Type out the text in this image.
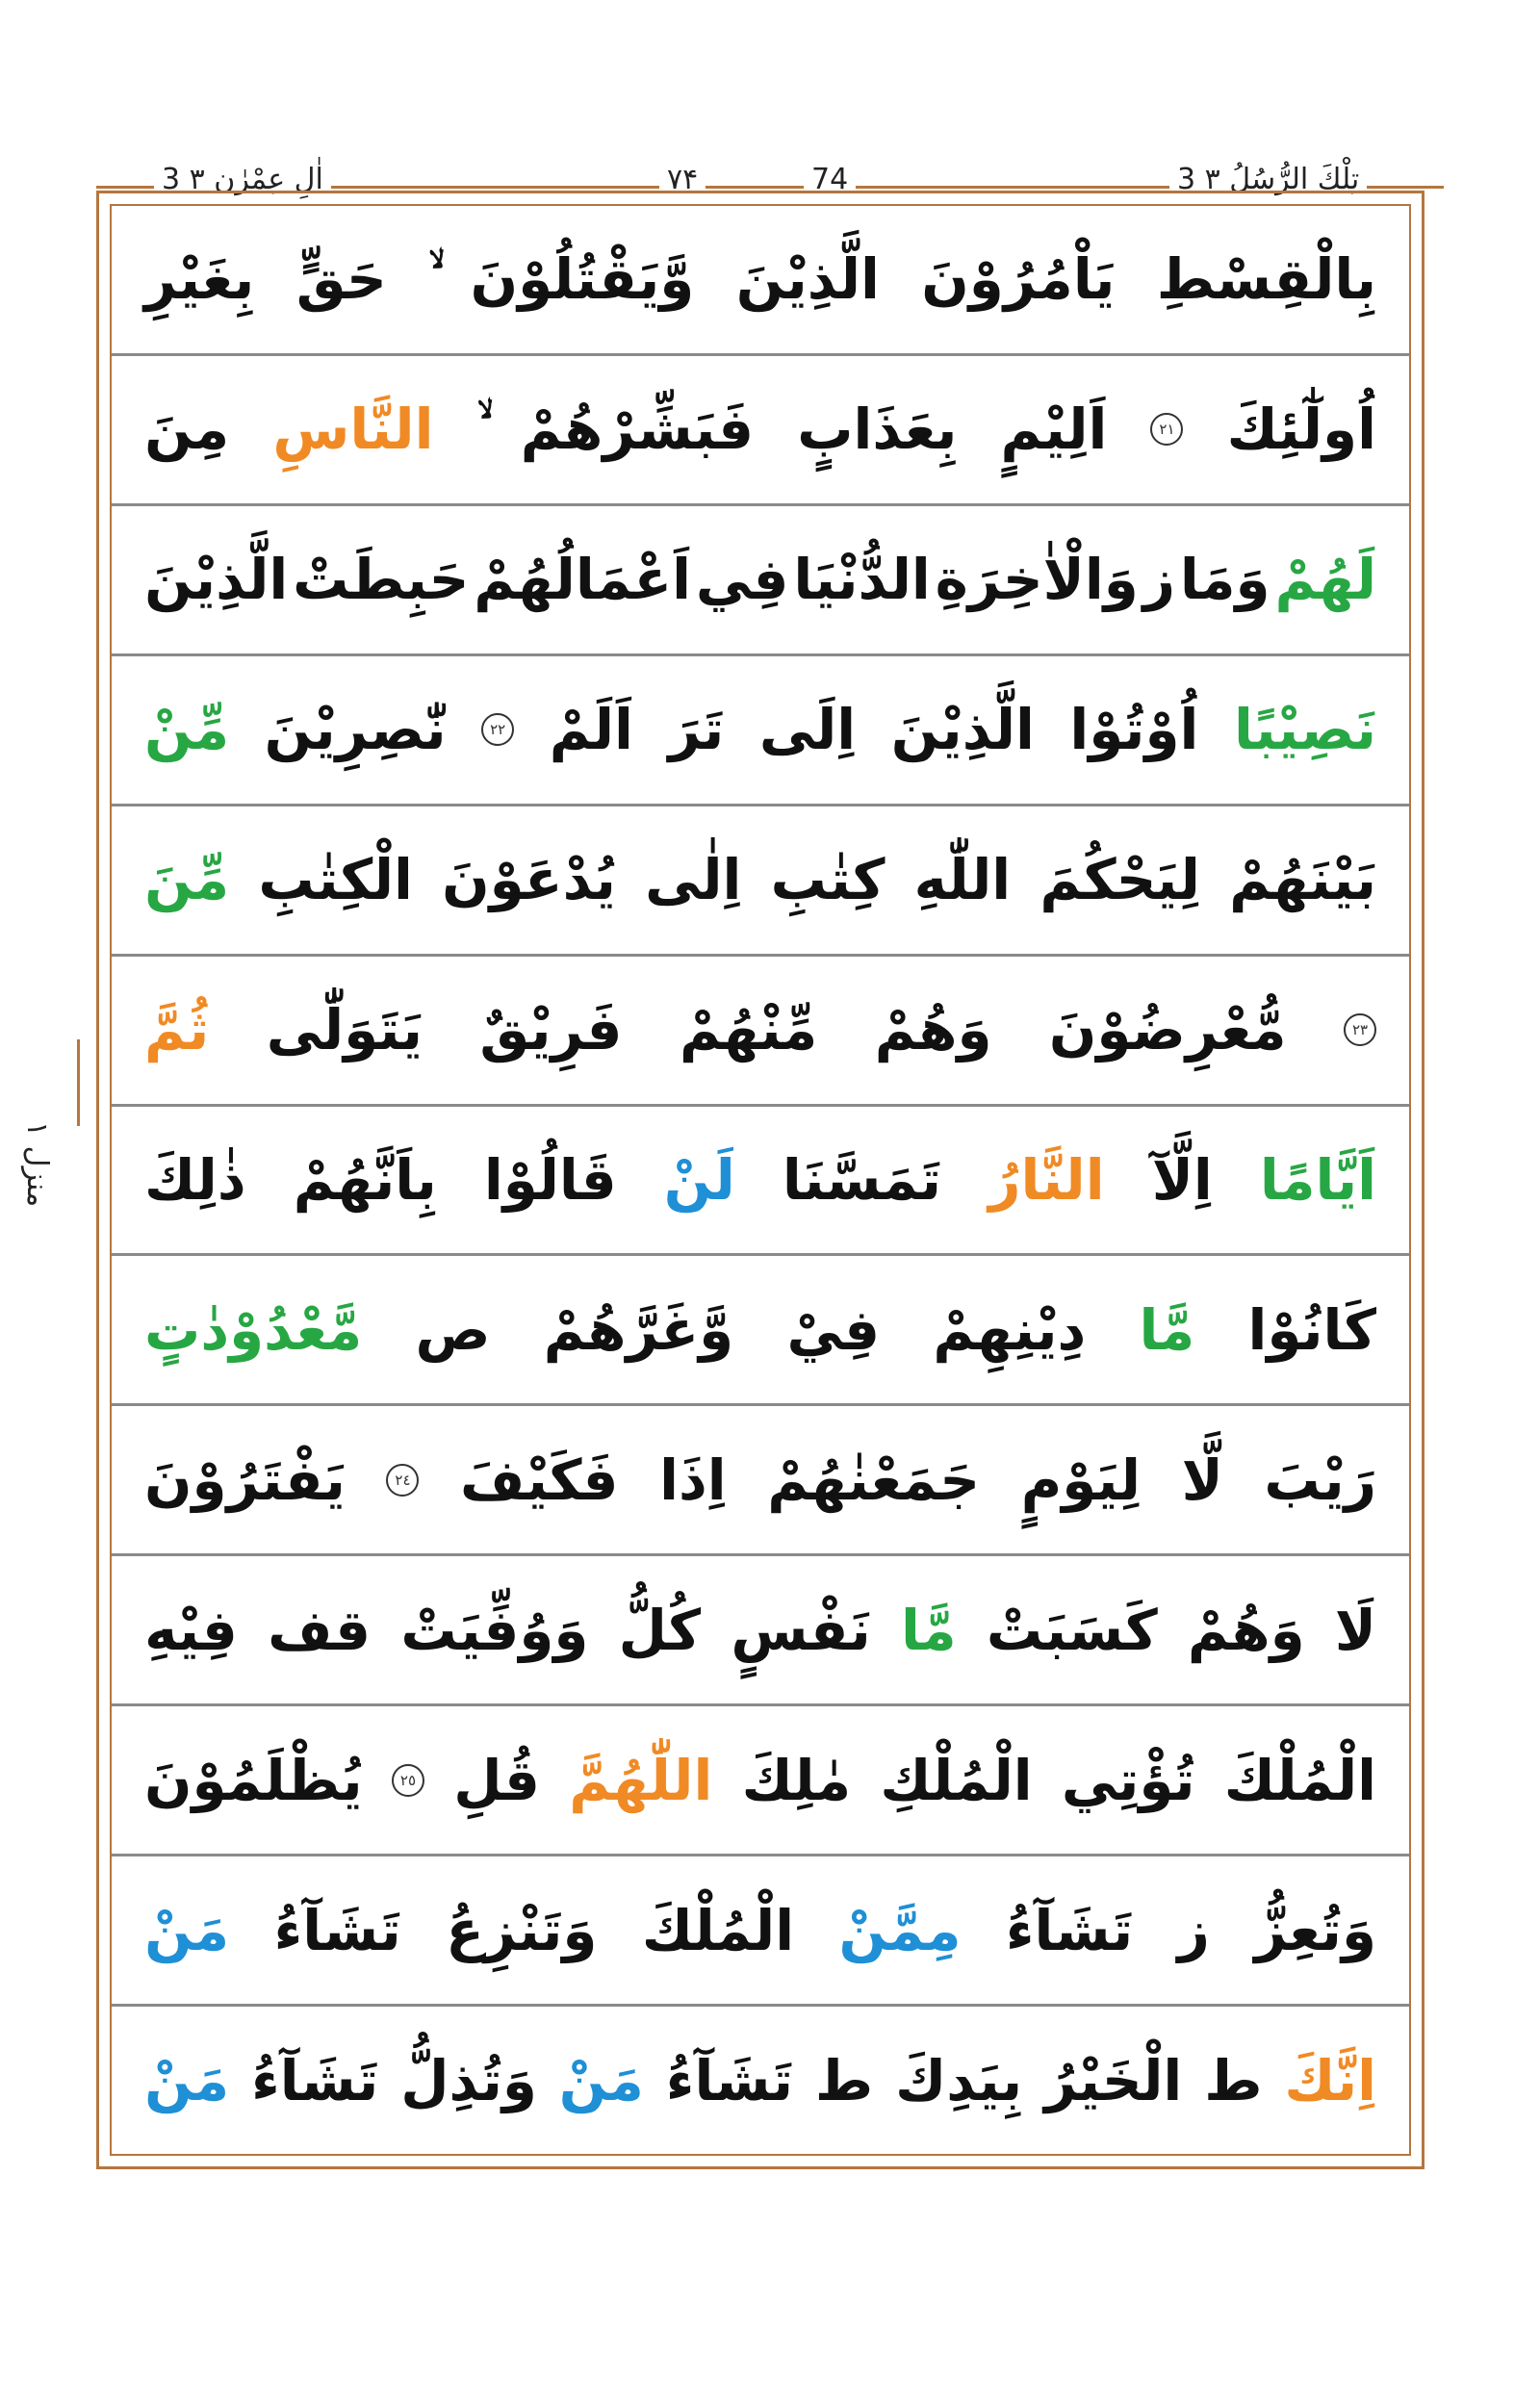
3 اٰلِ عِمْرٰن ۳	۷۴	74	3 تِلْكَ الرُّسُلُ ۳
منزل ١
بِغَيْرِ حَقٍّ وَّيَقْتُلُوْنَ الَّذِيْنَ يَاْمُرُوْنَ بِالْقِسْطِ
مِنَ النَّاسِ فَبَشِّرْهُمْ بِعَذَابٍ اَلِيْمٍ	٢١ اُولٰٓئِكَ
الَّذِيْنَ حَبِطَتْ اَعْمَالُهُمْ فِي الدُّنْيَا وَالْاٰخِرَةِ ز وَمَا لَهُمْ
مِّنْ نّٰصِرِيْنَ	٢٢ اَلَمْ تَرَ اِلَى الَّذِيْنَ اُوْتُوْا نَصِيْبًا
مِّنَ الْكِتٰبِ يُدْعَوْنَ اِلٰى كِتٰبِ اللّٰهِ لِيَحْكُمَ بَيْنَهُمْ
ثُمَّ يَتَوَلّٰى فَرِيْقٌ مِّنْهُمْ وَهُمْ مُّعْرِضُوْنَ	٢٣
ذٰلِكَ بِاَنَّهُمْ قَالُوْا لَنْ تَمَسَّنَا النَّارُ اِلَّآ اَيَّامًا
مَّعْدُوْدٰتٍ ص وَّغَرَّهُمْ فِيْ دِيْنِهِمْ مَّا كَانُوْا
يَفْتَرُوْنَ	٢٤ فَكَيْفَ اِذَا جَمَعْنٰهُمْ لِيَوْمٍ لَّا رَيْبَ
فِيْهِ قف وَوُفِّيَتْ كُلُّ نَفْسٍ مَّا كَسَبَتْ وَهُمْ لَا
يُظْلَمُوْنَ	٢٥ قُلِ اللّٰهُمَّ مٰلِكَ الْمُلْكِ تُؤْتِي الْمُلْكَ
مَنْ تَشَآءُ وَتَنْزِعُ الْمُلْكَ مِمَّنْ تَشَآءُ ز وَتُعِزُّ
مَنْ تَشَآءُ وَتُذِلُّ مَنْ تَشَآءُ ط بِيَدِكَ الْخَيْرُ ط اِنَّكَ
